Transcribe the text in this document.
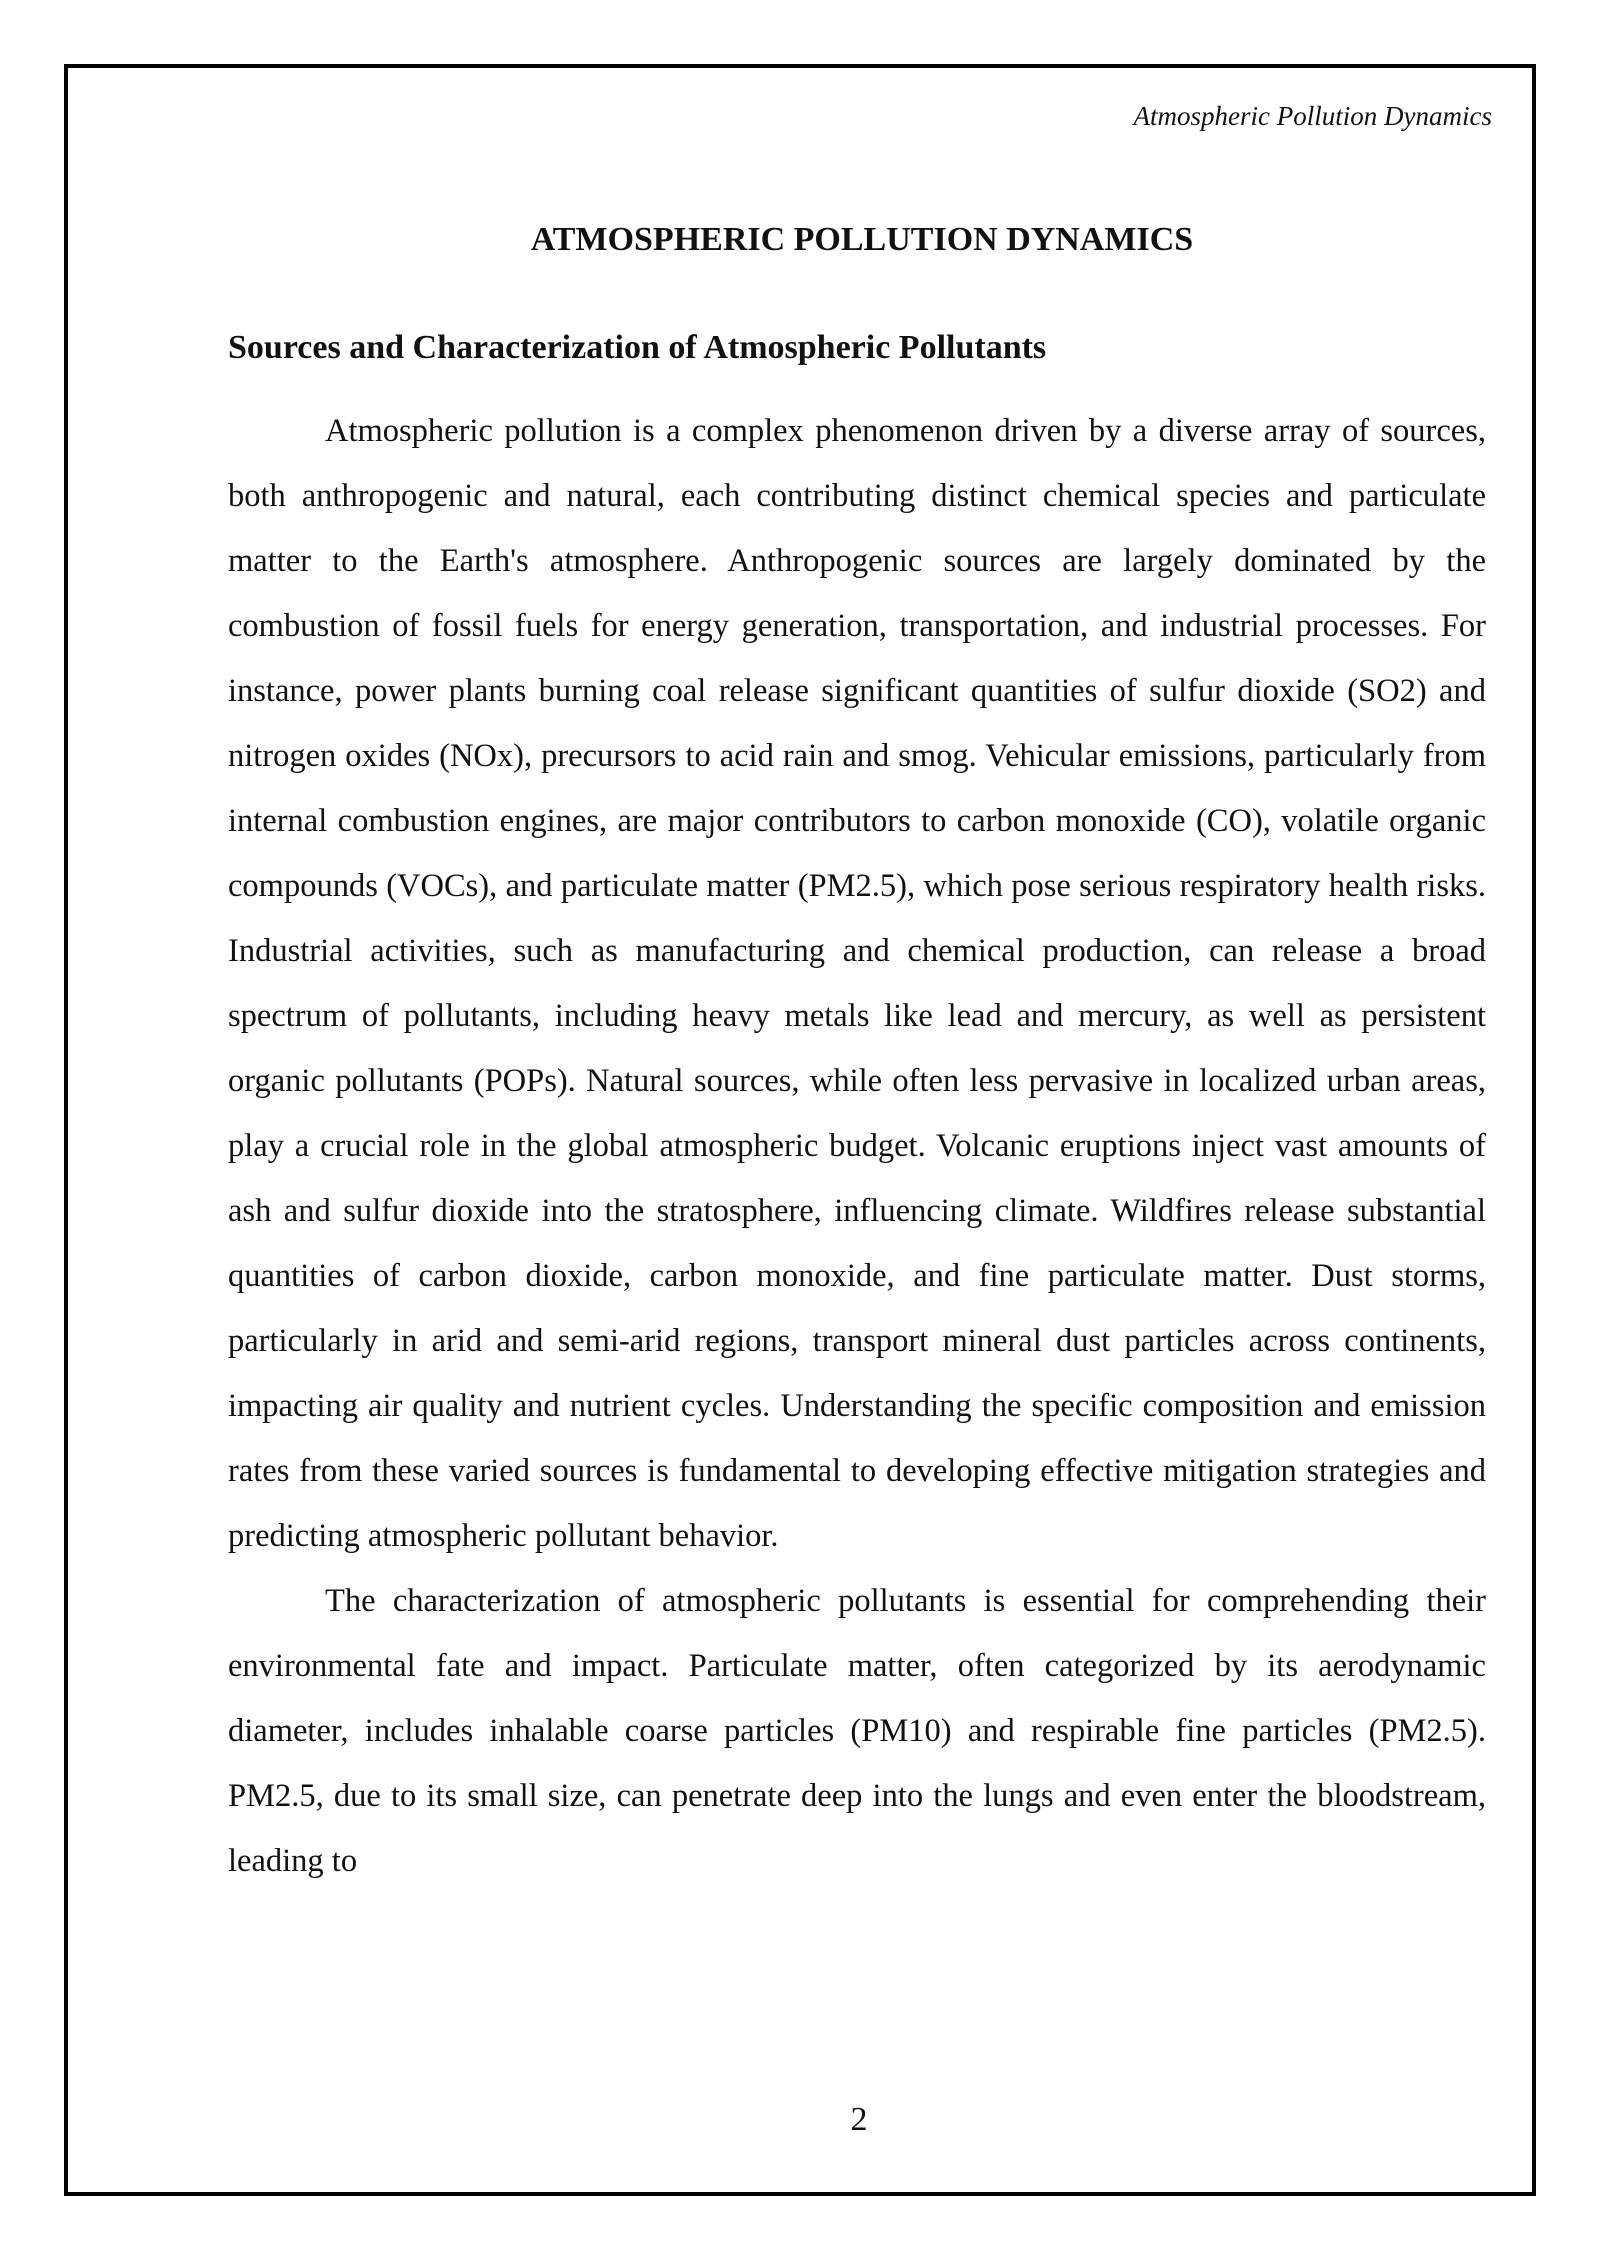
Atmospheric Pollution Dynamics
ATMOSPHERIC POLLUTION DYNAMICS
Sources and Characterization of Atmospheric Pollutants

Atmospheric pollution is a complex phenomenon driven by a diverse array of sources, both anthropogenic and natural, each contributing distinct chemical species and particulate matter to the Earth's atmosphere. Anthropogenic sources are largely dominated by the combustion of fossil fuels for energy generation, transportation, and industrial processes. For instance, power plants burning coal release significant quantities of sulfur dioxide (SO2) and nitrogen oxides (NOx), precursors to acid rain and smog. Vehicular emissions, particularly from internal combustion engines, are major contributors to carbon monoxide (CO), volatile organic compounds (VOCs), and particulate matter (PM2.5), which pose serious respiratory health risks. Industrial activities, such as manufacturing and chemical production, can release a broad spectrum of pollutants, including heavy metals like lead and mercury, as well as persistent organic pollutants (POPs). Natural sources, while often less pervasive in localized urban areas, play a crucial role in the global atmospheric budget. Volcanic eruptions inject vast amounts of ash and sulfur dioxide into the stratosphere, influencing climate. Wildfires release substantial quantities of carbon dioxide, carbon monoxide, and fine particulate matter. Dust storms, particularly in arid and semi-arid regions, transport mineral dust particles across continents, impacting air quality and nutrient cycles. Understanding the specific composition and emission rates from these varied sources is fundamental to developing effective mitigation strategies and predicting atmospheric pollutant behavior.

The characterization of atmospheric pollutants is essential for comprehending their environmental fate and impact. Particulate matter, often categorized by its aerodynamic diameter, includes inhalable coarse particles (PM10) and respirable fine particles (PM2.5). PM2.5, due to its small size, can penetrate deep into the lungs and even enter the bloodstream, leading to

2
